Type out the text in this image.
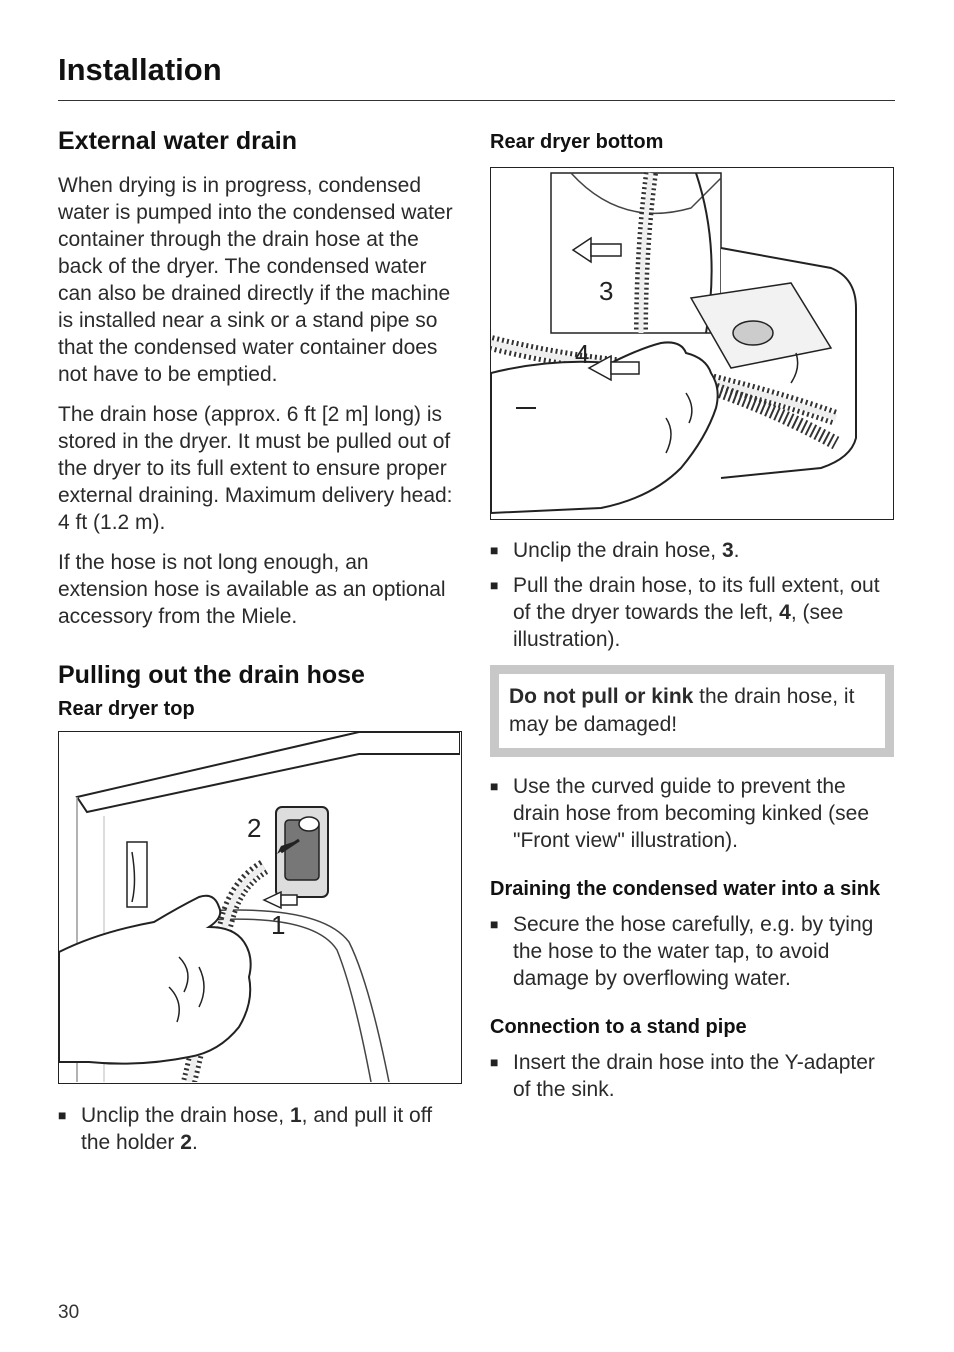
Installation
External water drain

When drying is in progress, condensed water is pumped into the condensed water container through the drain hose at the back of the dryer. The condensed water can also be drained directly if the machine is installed near a sink or a stand pipe so that the condensed water container does not have to be emptied.

The drain hose (approx. 6 ft [2 m] long) is stored in the dryer. It must be pulled out of the dryer to its full extent to ensure proper external draining. Maximum delivery head: 4 ft (1.2 m).

If the hose is not long enough, an extension hose is available as an optional accessory from the Miele.

Pulling out the drain hose
Rear dryer top
2
1
■ Unclip the drain hose, 1, and pull it off the holder 2.
Rear dryer bottom
3
4
■ Unclip the drain hose, 3.
■ Pull the drain hose, to its full extent, out of the dryer towards the left, 4, (see illustration).
Do not pull or kink the drain hose, it may be damaged!
■ Use the curved guide to prevent the drain hose from becoming kinked (see "Front view" illustration).
Draining the condensed water into a sink
■ Secure the hose carefully, e.g. by tying the hose to the water tap, to avoid damage by overflowing water.
Connection to a stand pipe
■ Insert the drain hose into the Y-adapter of the sink.
30
